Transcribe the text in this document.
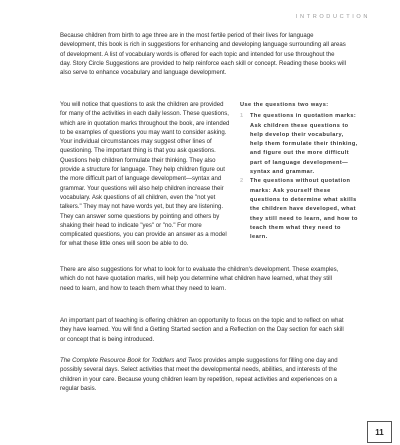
INTRODUCTION

Because children from birth to age three are in the most fertile period of their lives for language development, this book is rich in suggestions for enhancing and developing language surrounding all areas of development. A list of vocabulary words is offered for each topic and intended for use throughout the day. Story Circle Suggestions are provided to help reinforce each skill or concept. Reading these books will also serve to enhance vocabulary and language development.

You will notice that questions to ask the children are provided for many of the activities in each daily lesson. These questions, which are in quotation marks throughout the book, are intended to be examples of questions you may want to consider asking. Your individual circumstances may suggest other lines of questioning. The important thing is that you ask questions. Questions help children formulate their thinking. They also provide a structure for language. They help children figure out the more difficult part of language development—syntax and grammar. Your questions will also help children increase their vocabulary. Ask questions of all children, even the "not yet talkers." They may not have words yet, but they are listening. They can answer some questions by pointing and others by shaking their head to indicate "yes" or "no." For more complicated questions, you can provide an answer as a model for what these little ones will soon be able to do.

Use the questions two ways:

1 The questions in quotation marks: Ask children these questions to help develop their vocabulary, help them formulate their thinking, and figure out the more difficult part of language development—syntax and grammar.
2 The questions without quotation marks: Ask yourself these questions to determine what skills the children have developed, what they still need to learn, and how to teach them what they need to learn.

There are also suggestions for what to look for to evaluate the children's development. These examples, which do not have quotation marks, will help you determine what children have learned, what they still need to learn, and how to teach them what they need to learn.

An important part of teaching is offering children an opportunity to focus on the topic and to reflect on what they have learned. You will find a Getting Started section and a Reflection on the Day section for each skill or concept that is being introduced.

The Complete Resource Book for Toddlers and Twos provides ample suggestions for filling one day and possibly several days. Select activities that meet the developmental needs, abilities, and interests of the children in your care. Because young children learn by repetition, repeat activities and experiences on a regular basis.

11
